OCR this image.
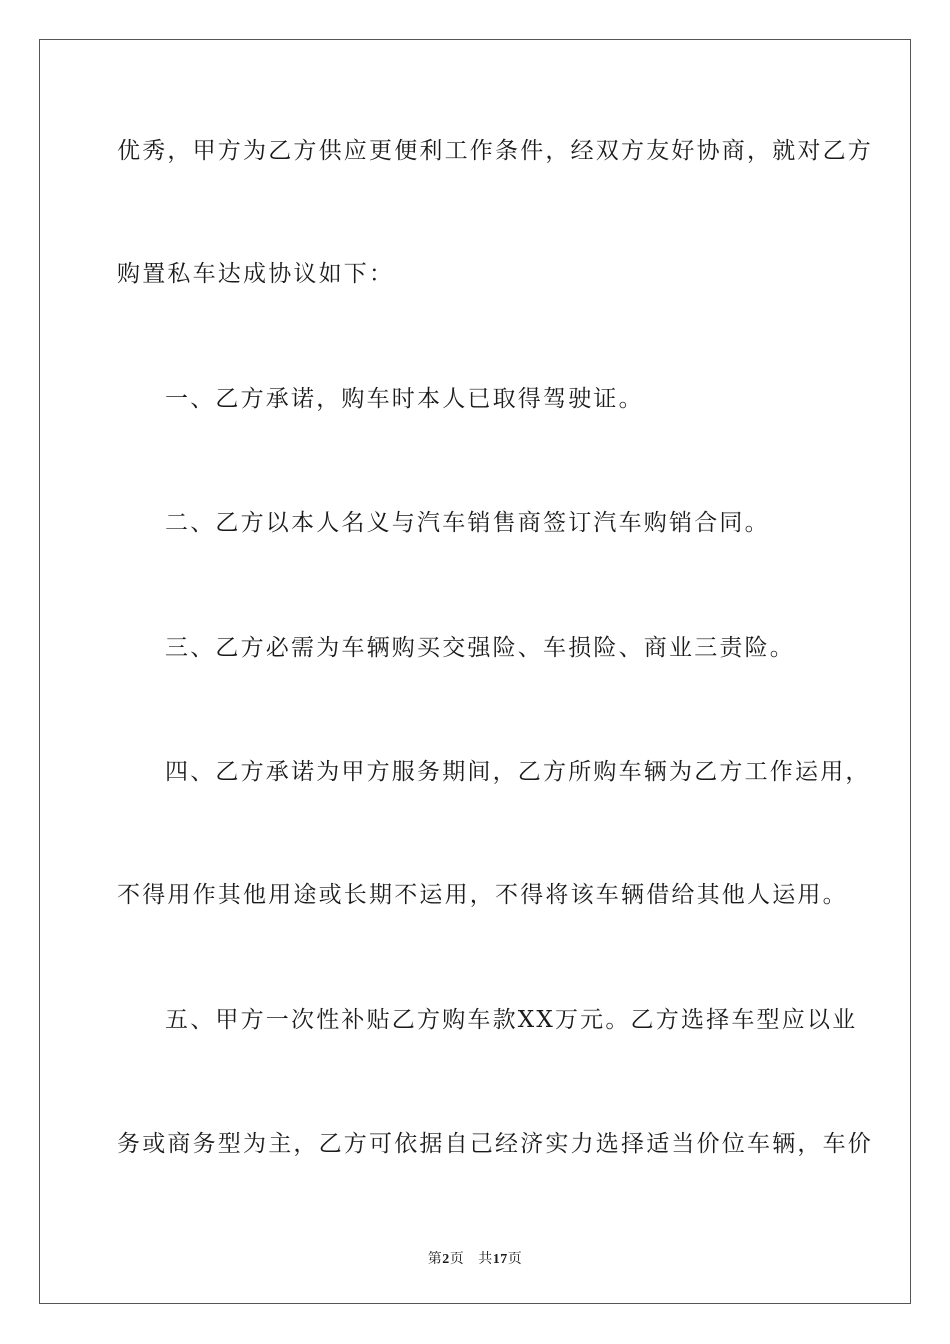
优秀，甲方为乙方供应更便利工作条件，经双方友好协商，就对乙方
购置私车达成协议如下：
一、乙方承诺，购车时本人已取得驾驶证。
二、乙方以本人名义与汽车销售商签订汽车购销合同。
三、乙方必需为车辆购买交强险、车损险、商业三责险。
四、乙方承诺为甲方服务期间，乙方所购车辆为乙方工作运用，
不得用作其他用途或长期不运用，不得将该车辆借给其他人运用。
五、甲方一次性补贴乙方购车款XX万元。乙方选择车型应以业
务或商务型为主，乙方可依据自己经济实力选择适当价位车辆，车价
第2页 共17页
